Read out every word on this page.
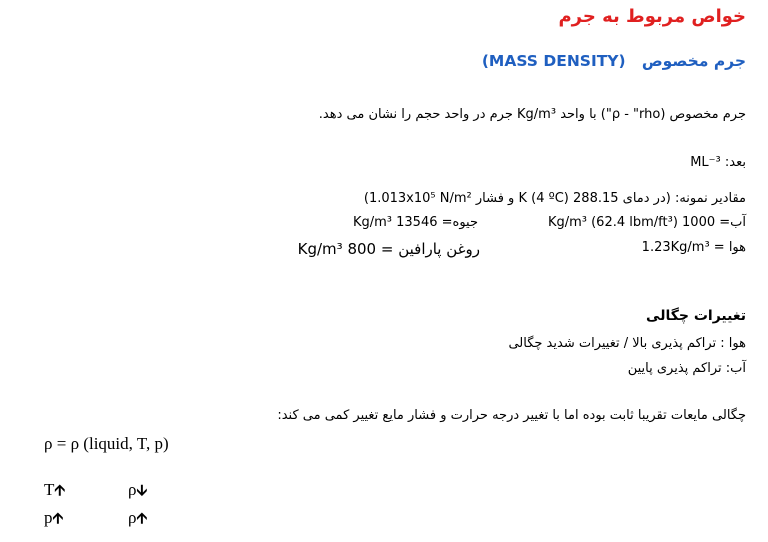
خواص مربوط به جرم
جرم مخصوص   (MASS DENSITY)
جرم مخصوص (ρ - "rho") با واحد Kg/m³ جرم در واحد حجم را نشان می دهد.
بعد: ML⁻³
مقادیر نمونه: (در دمای 288.15 K (4 ºC) و فشار 1.013x10⁵ N/m²)
آب= 1000 Kg/m³ (62.4 lbm/ft³)
جیوه= 13546 Kg/m³
هوا = 1.23Kg/m³
روغن پارافین = 800 Kg/m³
تغییرات چگالی
هوا : تراکم پذیری بالا / تغییرات شدید چگالی
آب: تراکم پذیری پایین
چگالی مایعات تقریبا ثابت بوده اما با تغییر درجه حرارت و فشار مایع تغییر کمی می کند:
ρ = ρ (liquid, T, p)
T🡩	ρ🡫
p🡩	ρ🡩
